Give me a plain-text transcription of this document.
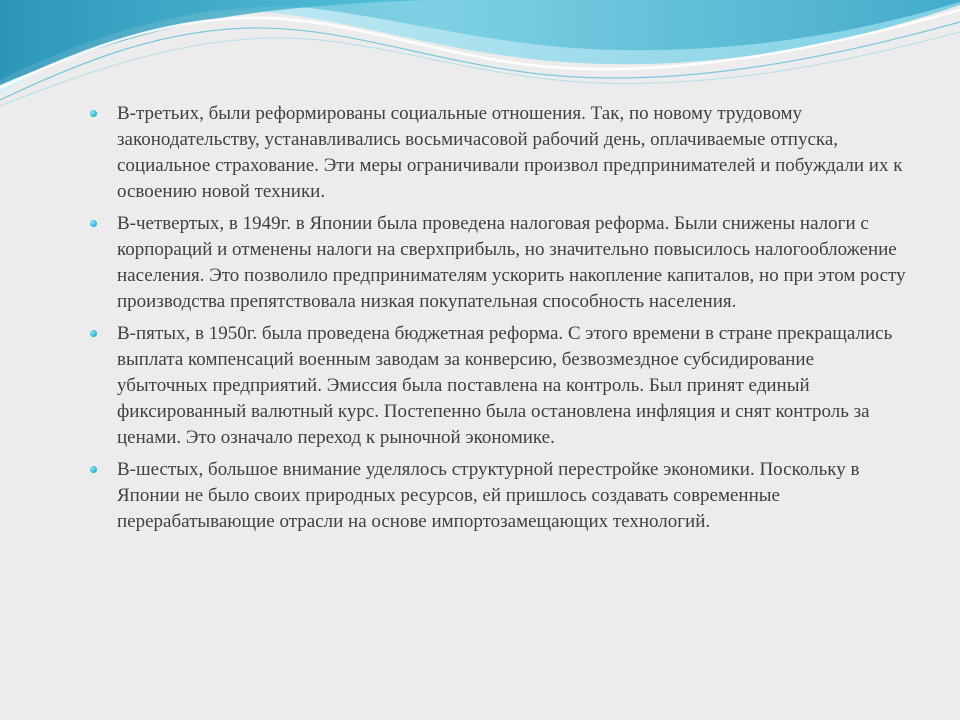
В-третьих, были реформированы социальные отношения. Так, по новому трудовому законодательству, устанавливались восьмичасовой рабочий день, оплачиваемые отпуска, социальное страхование. Эти меры ограничивали произвол предпринимателей и побуждали их к освоению новой техники.
В-четвертых, в 1949г. в Японии была проведена налоговая реформа. Были снижены налоги с корпораций и отменены налоги на сверхприбыль, но значительно повысилось налогообложение населения. Это позволило предпринимателям ускорить накопление капиталов, но при этом росту производства препятствовала низкая покупательная способность населения.
В-пятых, в 1950г. была проведена бюджетная реформа. С этого времени в стране прекращались выплата компенсаций военным заводам за конверсию, безвозмездное субсидирование убыточных предприятий. Эмиссия была поставлена на контроль. Был принят единый фиксированный валютный курс. Постепенно была остановлена инфляция и снят контроль за ценами. Это означало переход к рыночной экономике.
В-шестых, большое внимание уделялось структурной перестройке экономики. Поскольку в Японии не было своих природных ресурсов, ей пришлось создавать современные перерабатывающие отрасли на основе импортозамещающих технологий.
